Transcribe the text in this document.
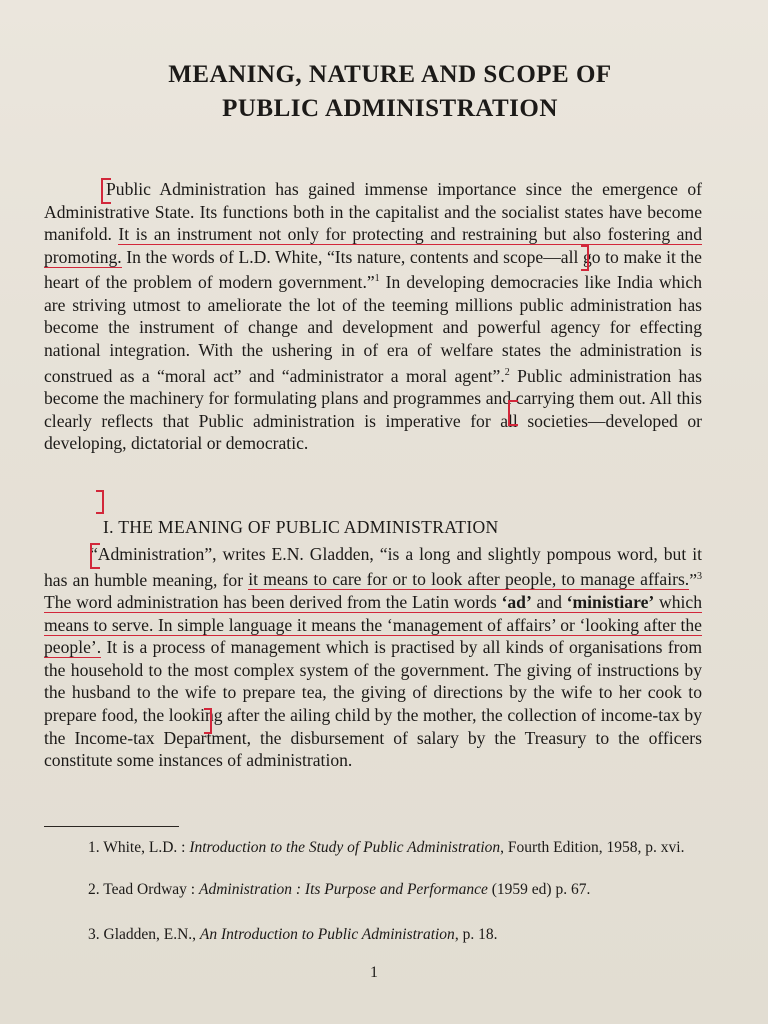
MEANING, NATURE AND SCOPE OF
PUBLIC ADMINISTRATION
Public Administration has gained immense importance since the emergence of Administrative State. Its functions both in the capitalist and the socialist states have become manifold. It is an instrument not only for protecting and restraining but also fostering and promoting. In the words of L.D. White, “Its nature, contents and scope—all go to make it the heart of the problem of modern government.”$^1$ In developing democracies like India which are striving utmost to ameliorate the lot of the teeming millions public administration has become the instrument of change and development and powerful agency for effecting national integration. With the ushering in of era of welfare states the administration is construed as a “moral act” and “administrator a moral agent”.$^2$ Public administration has become the machinery for formulating plans and programmes and carrying them out. All this clearly reflects that Public administration is imperative for all societies—developed or developing, dictatorial or democratic.
I. THE MEANING OF PUBLIC ADMINISTRATION
“Administration”, writes E.N. Gladden, “is a long and slightly pompous word, but it has an humble meaning, for it means to care for or to look after people, to manage affairs.”$^3$ The word administration has been derived from the Latin words ‘ad’ and ‘ministiare’ which means to serve. In simple language it means the ‘management of affairs’ or ‘looking after the people’. It is a process of management which is practised by all kinds of organisations from the household to the most complex system of the government. The giving of instructions by the husband to the wife to prepare tea, the giving of directions by the wife to her cook to prepare food, the looking after the ailing child by the mother, the collection of income-tax by the Income-tax Department, the disbursement of salary by the Treasury to the officers constitute some instances of administration.
1. White, L.D. : Introduction to the Study of Public Administration, Fourth Edition, 1958, p. xvi.
2. Tead Ordway : Administration : Its Purpose and Performance (1959 ed) p. 67.
3. Gladden, E.N., An Introduction to Public Administration, p. 18.
1
